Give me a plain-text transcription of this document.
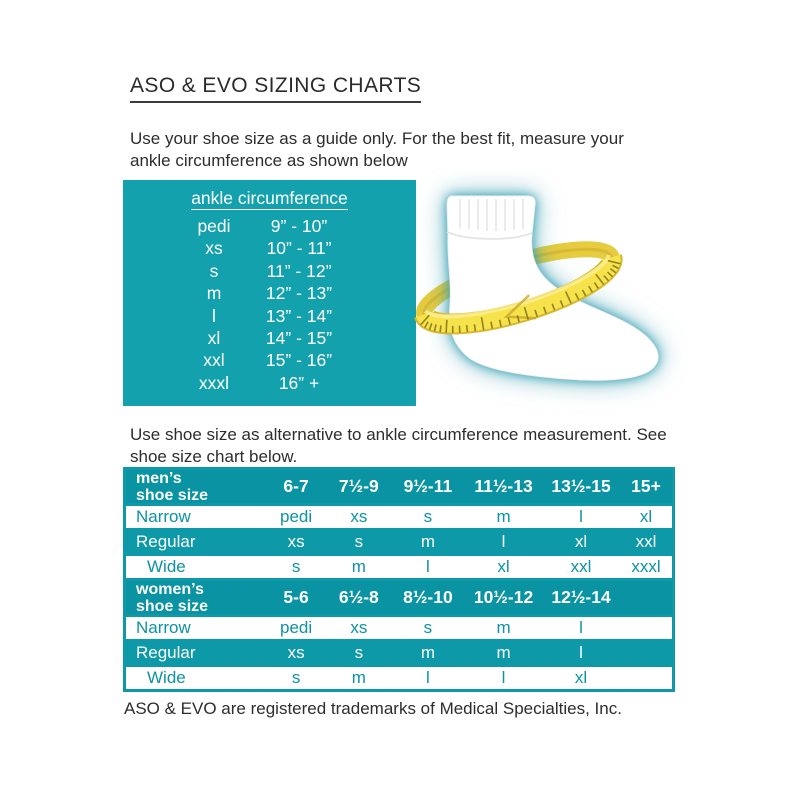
ASO & EVO SIZING CHARTS

Use your shoe size as a guide only. For the best fit, measure your
ankle circumference as shown below

ankle circumference
pedi 9” - 10”
xs	10” - 11”
s	11” - 12”
m	12” - 13”
l	13” - 14”
xl	14” - 15”
xxl 15” - 16”
xxxl	16” +

Use shoe size as alternative to ankle circumference measurement. See
shoe size chart below.

men’s
shoe size	6-7	7½-9	9½-11	11½-13	13½-15	15+
Narrow	pedi	xs	s	m	l	xl
Regular	xs	s	m	l	xl	xxl
Wide	s	m	l	xl	xxl	xxxl
women’s
shoe size	5-6	6½-8	8½-10	10½-12	12½-14
Narrow	pedi	xs	s	m	l
Regular	xs	s	m	m	l
Wide	s	m	l	l	xl

ASO & EVO are registered trademarks of Medical Specialties, Inc.
